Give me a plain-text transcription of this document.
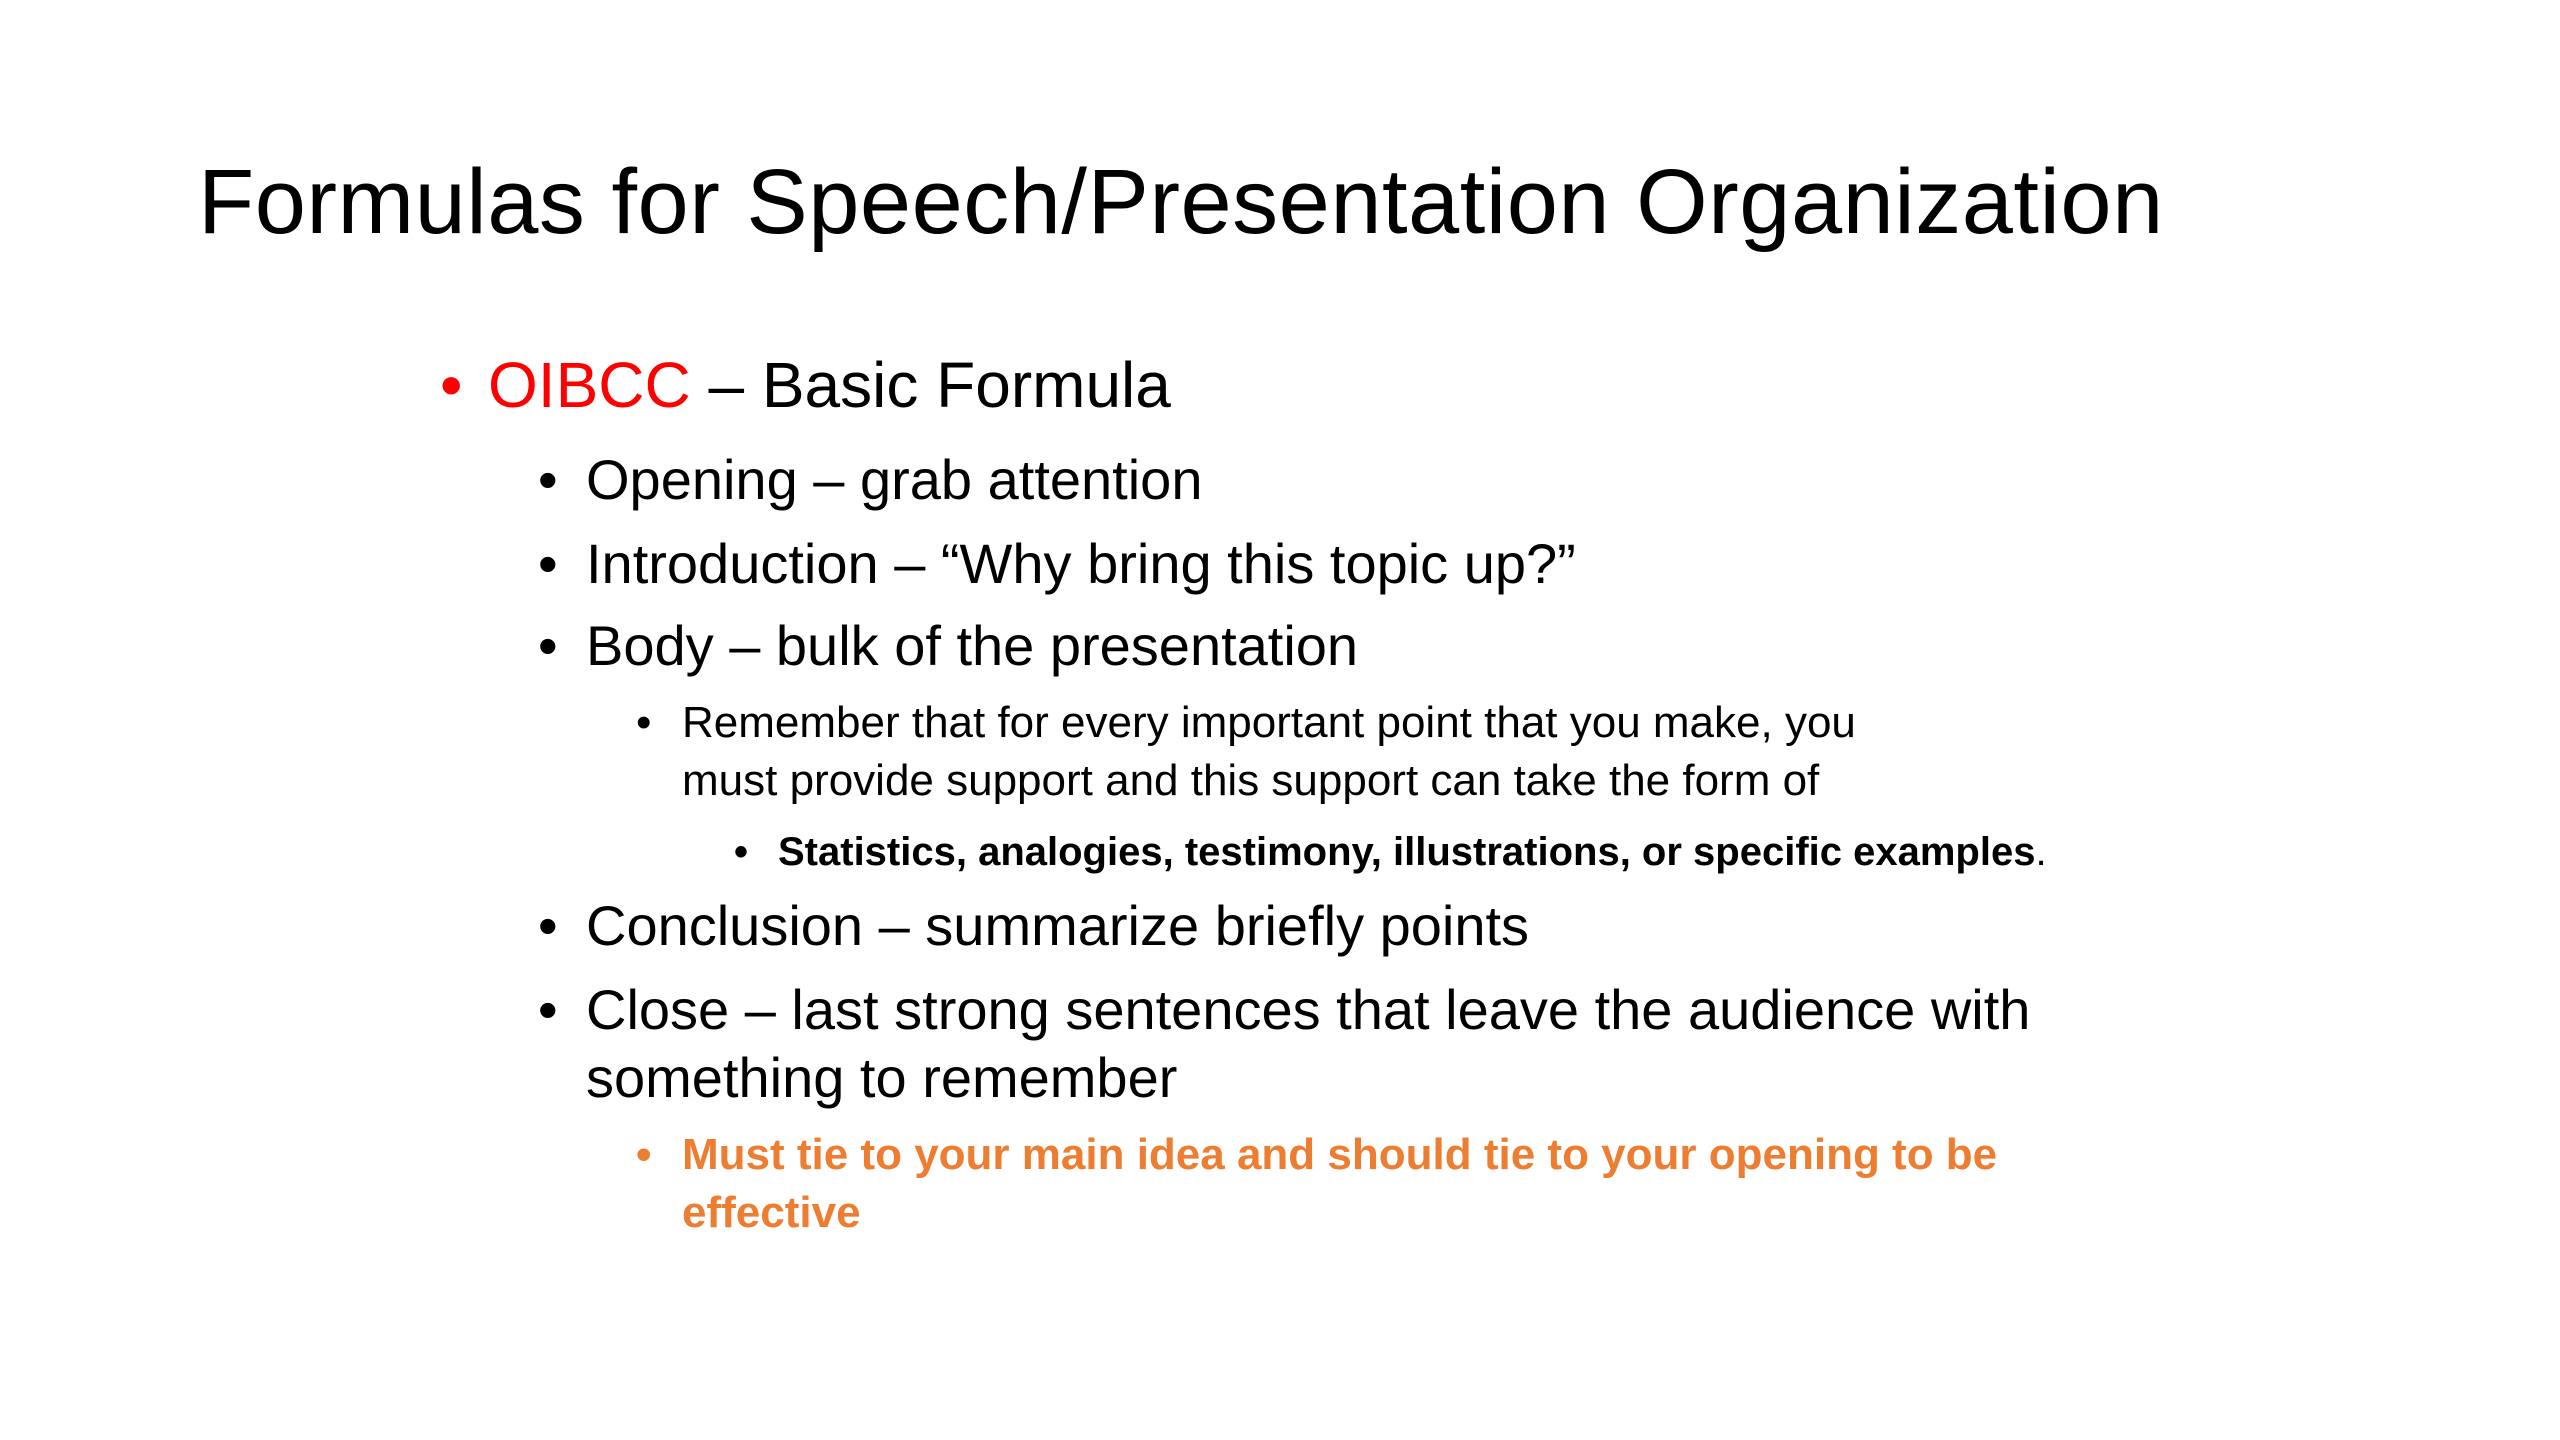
Formulas for Speech/Presentation Organization
• OIBCC – Basic Formula
• Opening – grab attention
• Introduction – “Why bring this topic up?”
• Body – bulk of the presentation
• Remember that for every important point that you make, you
must provide support and this support can take the form of
• Statistics, analogies, testimony, illustrations, or specific examples.
• Conclusion – summarize briefly points
• Close – last strong sentences that leave the audience with
something to remember
• Must tie to your main idea and should tie to your opening to be
effective
